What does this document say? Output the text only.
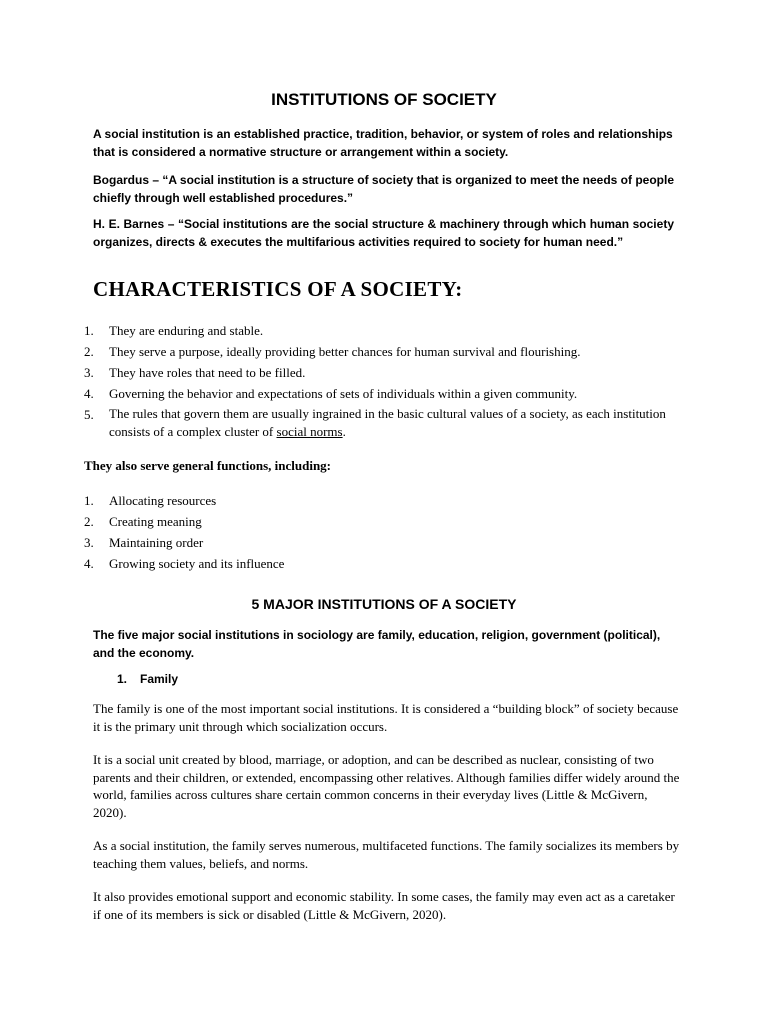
INSTITUTIONS OF SOCIETY

A social institution is an established practice, tradition, behavior, or system of roles and relationships that is considered a normative structure or arrangement within a society.

Bogardus – “A social institution is a structure of society that is organized to meet the needs of people chiefly through well established procedures.”

H. E. Barnes – “Social institutions are the social structure & machinery through which human society organizes, directs & executes the multifarious activities required to society for human need.”

CHARACTERISTICS OF A SOCIETY:
1.	They are enduring and stable.
2.	They serve a purpose, ideally providing better chances for human survival and flourishing.
3.	They have roles that need to be filled.
4.	Governing the behavior and expectations of sets of individuals within a given community.
5.	The rules that govern them are usually ingrained in the basic cultural values of a society, as each institution consists of a complex cluster of social norms.
They also serve general functions, including:
1.	Allocating resources
2.	Creating meaning
3.	Maintaining order
4.	Growing society and its influence
5 MAJOR INSTITUTIONS OF A SOCIETY

The five major social institutions in sociology are family, education, religion, government (political), and the economy.

1.	Family

The family is one of the most important social institutions. It is considered a “building block” of society because it is the primary unit through which socialization occurs.

It is a social unit created by blood, marriage, or adoption, and can be described as nuclear, consisting of two parents and their children, or extended, encompassing other relatives. Although families differ widely around the world, families across cultures share certain common concerns in their everyday lives (Little & McGivern, 2020).

As a social institution, the family serves numerous, multifaceted functions. The family socializes its members by teaching them values, beliefs, and norms.

It also provides emotional support and economic stability. In some cases, the family may even act as a caretaker if one of its members is sick or disabled (Little & McGivern, 2020).
